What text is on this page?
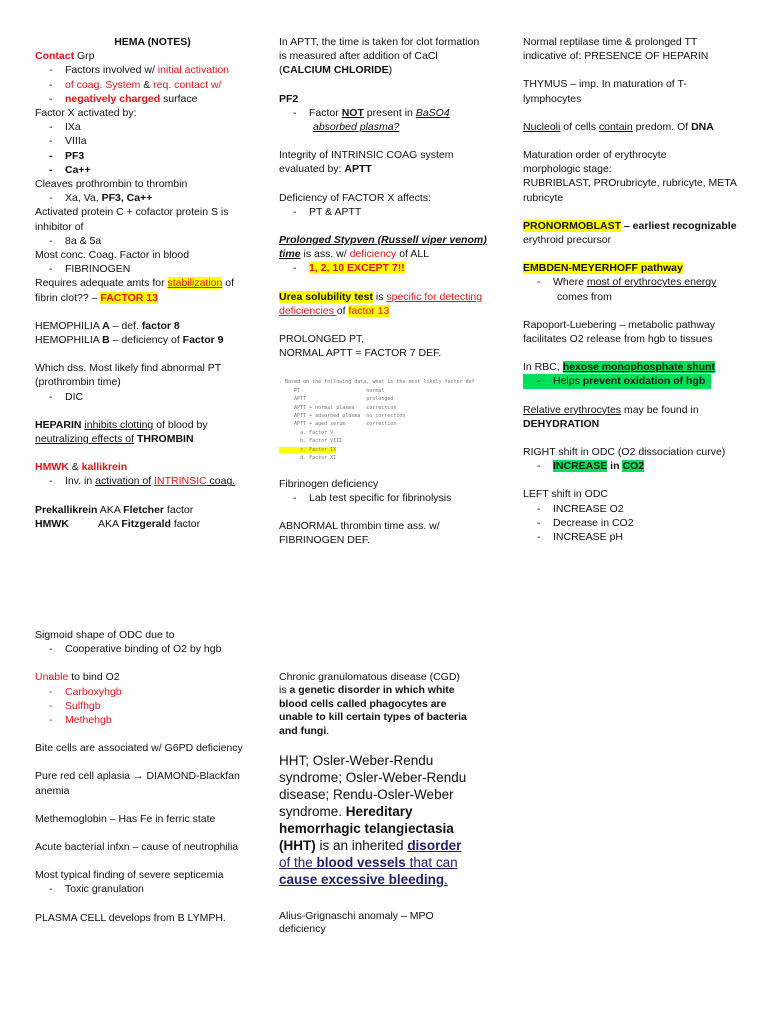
HEMA (NOTES)

Contact Grp

- Factors involved w/ initial activation

- of coag. System & req. contact w/

- negatively charged surface

Factor X activated by:

- IXa

- VIIIa

- PF3

- Ca++

Cleaves prothrombin to thrombin

- Xa, Va, PF3, Ca++

Activated protein C + cofactor protein S is

inhibitor of

- 8a & 5a

Most conc. Coag. Factor in blood

- FIBRINOGEN

Requires adequate amts for stabilization of

fibrin clot?? – FACTOR 13

HEMOPHILIA A – def. factor 8

HEMOPHILIA B – deficiency of Factor 9

Which dss. Most likely find abnormal PT

(prothrombin time)

- DIC

HEPARIN inhibits clotting of blood by

neutralizing effects of THROMBIN

HMWK & kallikrein

- Inv. in activation of INTRINSIC coag.

Prekallikrein AKA Fletcher factor

HMWK	AKA Fitzgerald factor

In APTT, the time is taken for clot formation

is measured after addition of CaCl

(CALCIUM CHLORIDE)

PF2

- Factor NOT present in BaSO4

absorbed plasma?

Integrity of INTRINSIC COAG system

evaluated by: APTT

Deficiency of FACTOR X affects:

- PT & APTT

Prolonged Stypven (Russell viper venom)

time is ass. w/ deficiency of ALL

- 1, 2, 10 EXCEPT 7!!

Urea solubility test is specific for detecting

deficiencies of factor 13

PROLONGED PT,

NORMAL APTT = FACTOR 7 DEF.

. Based on the following data, what is the most likely factor def

PT                      normal

APTT                    prolonged

APTT + normal plasma    correction

APTT + adsorbed plasma  no correction

APTT + aged serum       correction

a. Factor V

b. Factor VIII

c. Factor IX

d. Factor XI

Fibrinogen deficiency

- Lab test specific for fibrinolysis

ABNORMAL thrombin time ass. w/

FIBRINOGEN DEF.

Normal reptilase time & prolonged TT

indicative of: PRESENCE OF HEPARIN

THYMUS – imp. In maturation of T-

lymphocytes

Nucleoli of cells contain predom. Of DNA

Maturation order of erythrocyte

morphologic stage:

RUBRIBLAST, PROrubricyte, rubricyte, META

rubricyte

PRONORMOBLAST – earliest recognizable

erythroid precursor

EMBDEN-MEYERHOFF pathway

- Where most of erythrocytes energy

comes from

Rapoport-Luebering – metabolic pathway

facilitates O2 release from hgb to tissues

In RBC, hexose monophosphate shunt

- Helps prevent oxidation of hgb

Relative erythrocytes may be found in

DEHYDRATION

RIGHT shift in ODC (O2 dissociation curve)

- INCREASE in CO2

LEFT shift in ODC

- INCREASE O2

- Decrease in CO2

- INCREASE pH

Sigmoid shape of ODC due to

- Cooperative binding of O2 by hgb

Unable to bind O2

- Carboxyhgb

- Sulfhgb

- Methehgb

Bite cells are associated w/ G6PD deficiency

Pure red cell aplasia → DIAMOND-Blackfan

anemia

Methemoglobin – Has Fe in ferric state

Acute bacterial infxn – cause of neutrophilia

Most typical finding of severe septicemia

- Toxic granulation

PLASMA CELL develops from B LYMPH.

Chronic granulomatous disease (CGD)

is a genetic disorder in which white

blood cells called phagocytes are

unable to kill certain types of bacteria

and fungi.

HHT; Osler-Weber-Rendu

syndrome; Osler-Weber-Rendu

disease; Rendu-Osler-Weber

syndrome. Hereditary

hemorrhagic telangiectasia

(HHT) is an inherited disorder

of the blood vessels that can

cause excessive bleeding.

Alius-Grignaschi anomaly – MPO

deficiency
